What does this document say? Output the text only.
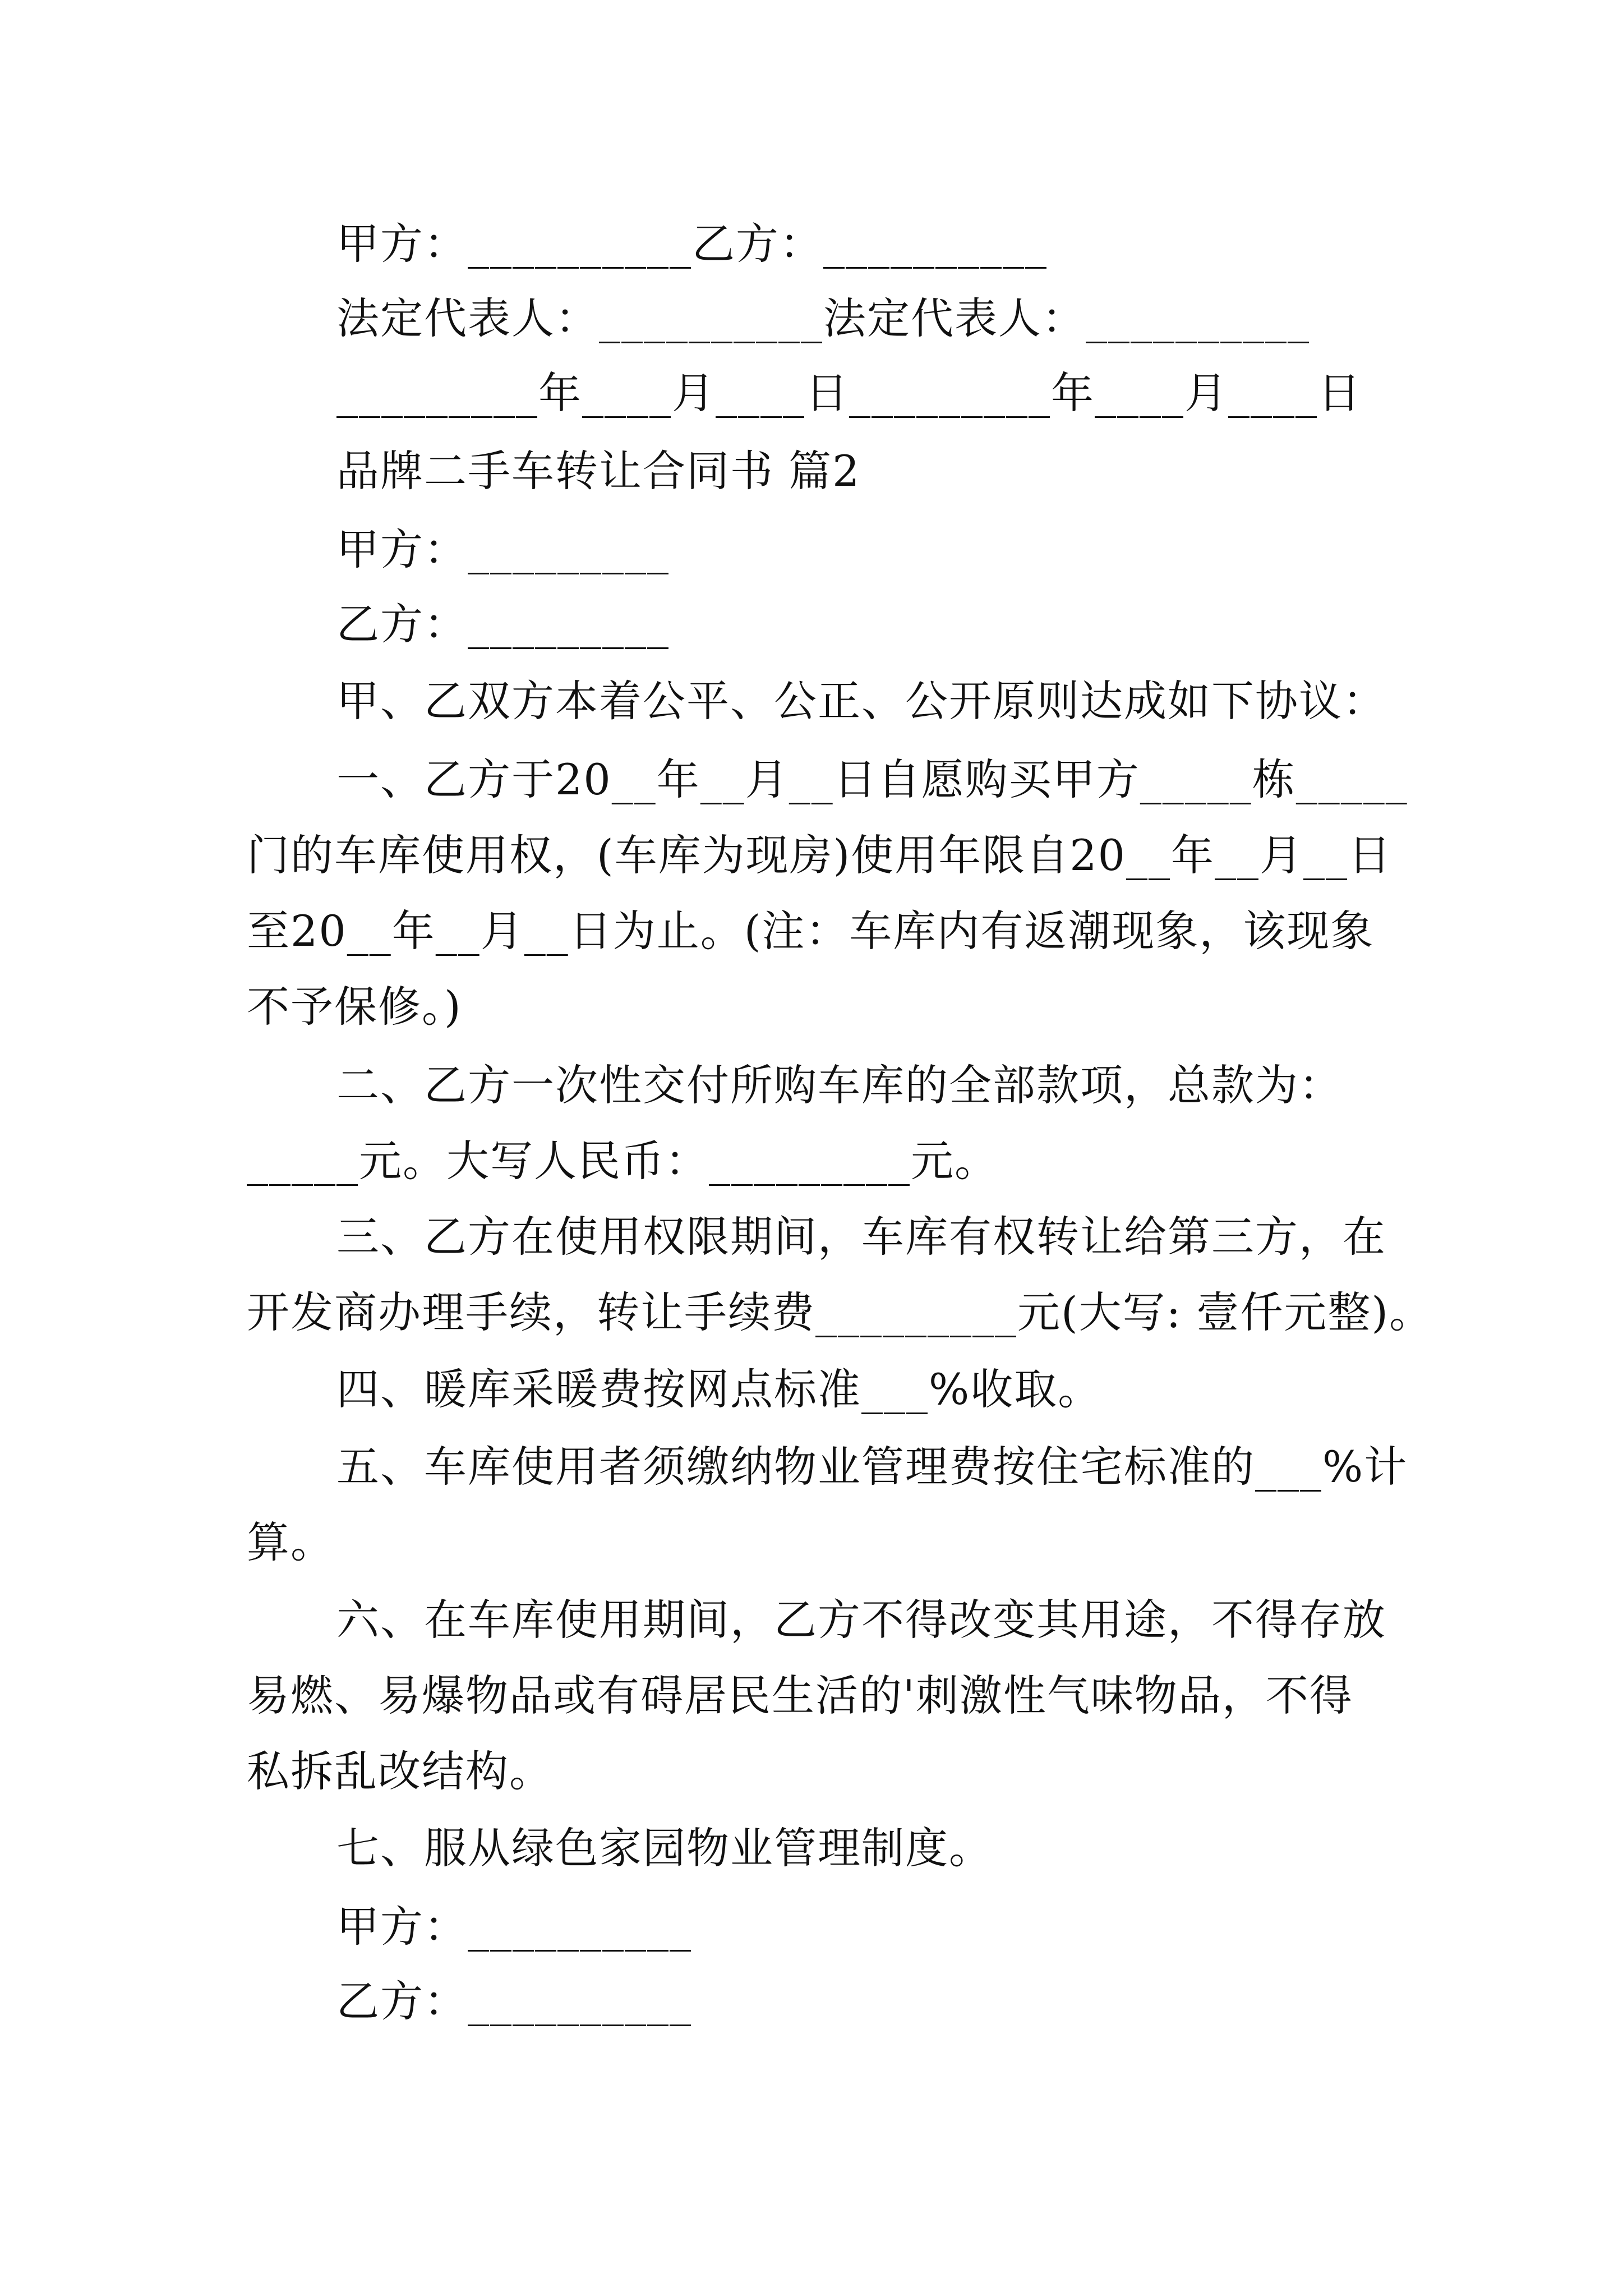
甲方：__________乙方：__________
法定代表人：__________法定代表人：__________
_________年____月____日_________年____月____日
品牌二手车转让合同书 篇2
甲方：_________
乙方：_________
甲、乙双方本着公平、公正、公开原则达成如下协议：
一、乙方于20__年__月__日自愿购买甲方_____栋_____
门的车库使用权，(车库为现房)使用年限自20__年__月__日
至20__年__月__日为止。(注：车库内有返潮现象，该现象
不予保修。)
二、乙方一次性交付所购车库的全部款项，总款为：
_____元。大写人民币：_________元。
三、乙方在使用权限期间，车库有权转让给第三方，在
开发商办理手续，转让手续费_________元(大写: 壹仟元整)。
四、暖库采暖费按网点标准___%收取。
五、车库使用者须缴纳物业管理费按住宅标准的___%计
算。
六、在车库使用期间，乙方不得改变其用途，不得存放
易燃、易爆物品或有碍居民生活的'刺激性气味物品，不得
私拆乱改结构。
七、服从绿色家园物业管理制度。
甲方：__________
乙方：__________
